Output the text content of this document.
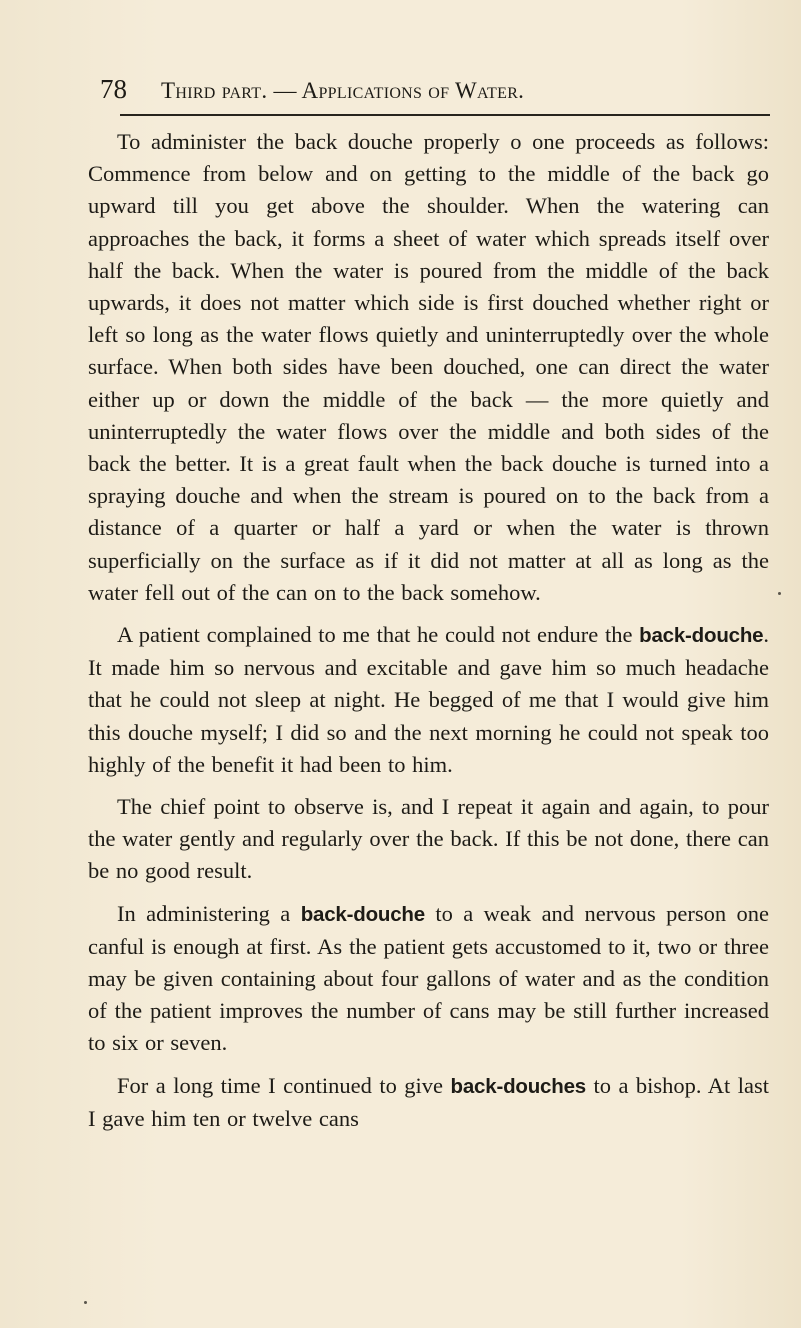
78 Third part. — Applications of Water.

To administer the back douche properly o one proceeds as follows: Commence from below and on getting to the middle of the back go upward till you get above the shoulder. When the watering can approaches the back, it forms a sheet of water which spreads itself over half the back. When the water is poured from the middle of the back upwards, it does not matter which side is first douched whether right or left so long as the water flows quietly and uninterruptedly over the whole surface. When both sides have been douched, one can direct the water either up or down the middle of the back — the more quietly and uninterruptedly the water flows over the middle and both sides of the back the better. It is a great fault when the back douche is turned into a spraying douche and when the stream is poured on to the back from a distance of a quarter or half a yard or when the water is thrown superficially on the surface as if it did not matter at all as long as the water fell out of the can on to the back somehow.

A patient complained to me that he could not endure the back-douche. It made him so nervous and excitable and gave him so much headache that he could not sleep at night. He begged of me that I would give him this douche myself; I did so and the next morning he could not speak too highly of the benefit it had been to him.

The chief point to observe is, and I repeat it again and again, to pour the water gently and regularly over the back. If this be not done, there can be no good result.

In administering a back-douche to a weak and nervous person one canful is enough at first. As the patient gets accustomed to it, two or three may be given containing about four gallons of water and as the condition of the patient improves the number of cans may be still further increased to six or seven.

For a long time I continued to give back-douches to a bishop. At last I gave him ten or twelve cans
